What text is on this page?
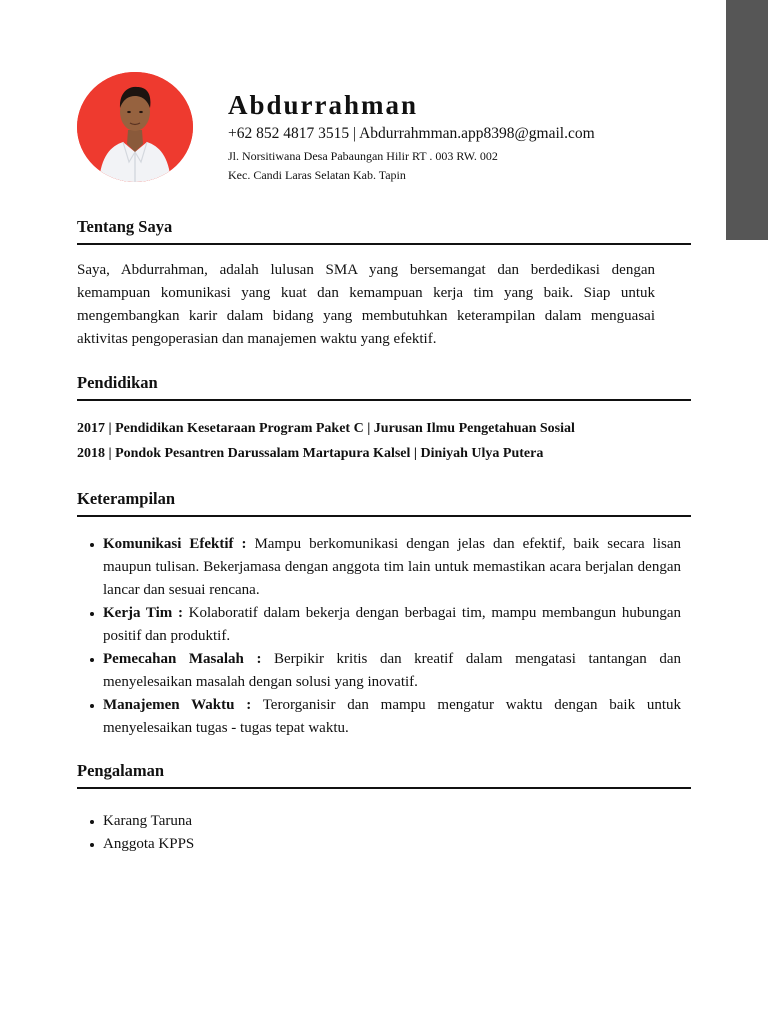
Abdurrahman
+62 852 4817 3515 | Abdurrahmman.app8398@gmail.com
Jl. Norsitiwana Desa Pabaungan Hilir RT . 003 RW. 002
Kec. Candi Laras Selatan Kab. Tapin
Tentang Saya

Saya, Abdurrahman, adalah lulusan SMA yang bersemangat dan berdedikasi dengan kemampuan komunikasi yang kuat dan kemampuan kerja tim yang baik. Siap untuk mengembangkan karir dalam bidang yang membutuhkan keterampilan dalam menguasai aktivitas pengoperasian dan manajemen waktu yang efektif.

Pendidikan

2017 | Pendidikan Kesetaraan Program Paket C | Jurusan Ilmu Pengetahuan Sosial

2018 | Pondok Pesantren Darussalam Martapura Kalsel | Diniyah Ulya Putera

Keterampilan
Komunikasi Efektif : Mampu berkomunikasi dengan jelas dan efektif, baik secara lisan maupun tulisan. Bekerjamasa dengan anggota tim lain untuk memastikan acara berjalan dengan lancar dan sesuai rencana.
Kerja Tim : Kolaboratif dalam bekerja dengan berbagai tim, mampu membangun hubungan positif dan produktif.
Pemecahan Masalah : Berpikir kritis dan kreatif dalam mengatasi tantangan dan menyelesaikan masalah dengan solusi yang inovatif.
Manajemen Waktu : Terorganisir dan mampu mengatur waktu dengan baik untuk menyelesaikan tugas - tugas tepat waktu.
Pengalaman
Karang Taruna
Anggota KPPS
